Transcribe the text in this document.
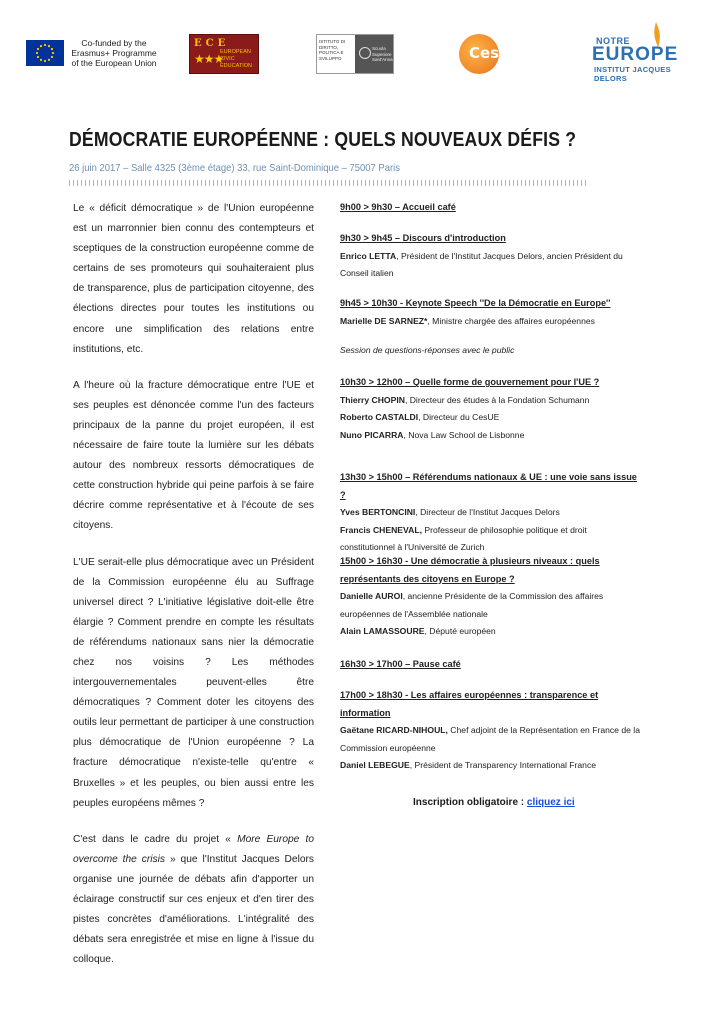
Co-funded by the Erasmus+ Programme of the European Union
ECE
★★★
EUROPEAN CIVIC EDUCATION
ISTITUTO DI DIRITTO, POLITICA E SVILUPPO
Scuola Superiore Sant'Anna	CesUE
NOTRE
EUROPE
INSTITUT JACQUES DELORS
DÉMOCRATIE EUROPÉENNE : QUELS NOUVEAUX DÉFIS ?
26 juin 2017 – Salle 4325 (3ème étage) 33, rue Saint-Dominique – 75007 Paris

Le « déficit démocratique » de l'Union européenne est un marronnier bien connu des contempteurs et sceptiques de la construction européenne comme de certains de ses promoteurs qui souhaiteraient plus de transparence, plus de participation citoyenne, des élections directes pour toutes les institutions ou encore une simplification des relations entre institutions, etc.

A l'heure où la fracture démocratique entre l'UE et ses peuples est dénoncée comme l'un des facteurs principaux de la panne du projet européen, il est nécessaire de faire toute la lumière sur les débats autour des nombreux ressorts démocratiques de cette construction hybride qui peine parfois à se faire décrire comme représentative et à l'écoute de ses citoyens.

L'UE serait-elle plus démocratique avec un Président de la Commission européenne élu au Suffrage universel direct ? L'initiative législative doit-elle être élargie ? Comment prendre en compte les résultats de référendums nationaux sans nier la démocratie chez nos voisins ? Les méthodes intergouvernementales peuvent-elles être démocratiques ? Comment doter les citoyens des outils leur permettant de participer à une construction plus démocratique de l'Union européenne ? La fracture démocratique n'existe-telle qu'entre « Bruxelles » et les peuples, ou bien aussi entre les peuples européens mêmes ?

C'est dans le cadre du projet « More Europe to overcome the crisis » que l'Institut Jacques Delors organise une journée de débats afin d'apporter un éclairage constructif sur ces enjeux et d'en tirer des pistes concrètes d'améliorations. L'intégralité des débats sera enregistrée et mise en ligne à l'issue du colloque.

9h00 > 9h30 – Accueil café
9h30 > 9h45 – Discours d'introduction
Enrico LETTA, Président de l'Institut Jacques Delors, ancien Président du Conseil italien
9h45 > 10h30 - Keynote Speech ''De la Démocratie en Europe''
Marielle DE SARNEZ*, Ministre chargée des affaires européennes
Session de questions-réponses avec le public
10h30 > 12h00 – Quelle forme de gouvernement pour l'UE ?
Thierry CHOPIN, Directeur des études à la Fondation Schumann
Roberto CASTALDI, Directeur du CesUE
Nuno PICARRA, Nova Law School de Lisbonne
13h30 > 15h00 – Référendums nationaux & UE : une voie sans issue ?
Yves BERTONCINI, Directeur de l'Institut Jacques Delors
Francis CHENEVAL, Professeur de philosophie politique et droit constitutionnel à l'Université de Zurich
15h00 > 16h30 - Une démocratie à plusieurs niveaux : quels représentants des citoyens en Europe ?
Danielle AUROI, ancienne Présidente de la Commission des affaires européennes de l'Assemblée nationale
Alain LAMASSOURE, Député européen
16h30 > 17h00 – Pause café
17h00 > 18h30 - Les affaires européennes : transparence et information
Gaëtane RICARD-NIHOUL, Chef adjoint de la Représentation en France de la Commission européenne
Daniel LEBEGUE, Président de Transparency International France
Inscription obligatoire : cliquez ici
